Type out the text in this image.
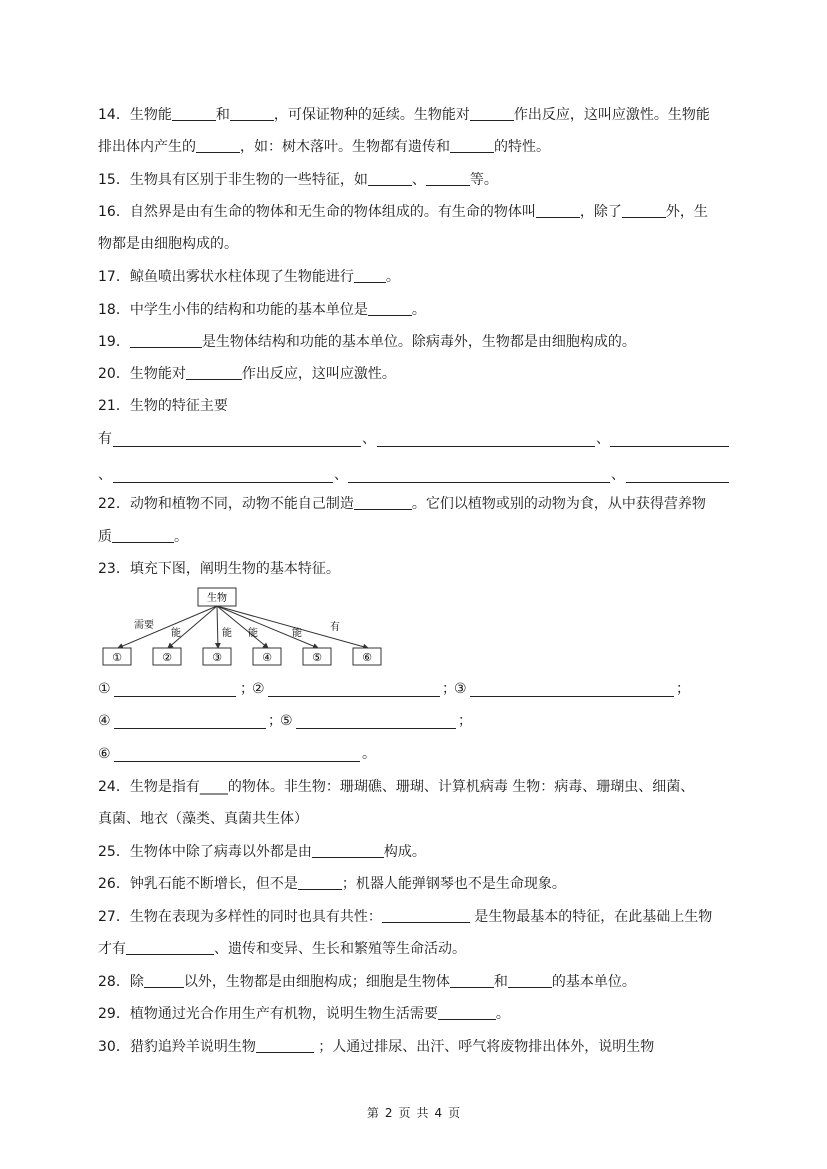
14．生物能	和	，可保证物种的延续。生物能对	作出反应，这叫应激性。生物能
排出体内产生的	，如：树木落叶。生物都有遗传和	的特性。
15．生物具有区别于非生物的一些特征，如	、	等。
16．自然界是由有生命的物体和无生命的物体组成的。有生命的物体叫	，除了	外，生
物都是由细胞构成的。
17．鲸鱼喷出雾状水柱体现了生物能进行 。
18．中学生小伟的结构和功能的基本单位是	。
19．	是生物体结构和功能的基本单位。除病毒外，生物都是由细胞构成的。
20．生物能对	作出反应，这叫应激性。
21．生物的特征主要
有	、	、
、	、	、
22．动物和植物不同，动物不能自己制造	。它们以植物或别的动物为食，从中获得营养物
质	。
23．填充下图，阐明生物的基本特征。
生物
需要
能	能 能	能
有
①	②	③	④	⑤	⑥
①	；
②	；
③	；
④	；
⑤	；
⑥	。
24．生物是指有____的物体。非生物：珊瑚礁、珊瑚、计算机病毒 生物：病毒、珊瑚虫、细菌、
真菌、地衣（藻类、真菌共生体）
25．生物体中除了病毒以外都是由	构成。
26．钟乳石能不断增长，但不是	；机器人能弹钢琴也不是生命现象。
27．生物在表现为多样性的同时也具有共性：	是生物最基本的特征，在此基础上生物
才有	、遗传和变异、生长和繁殖等生命活动。
28．除	以外，生物都是由细胞构成；细胞是生物体	和	的基本单位。
29．植物通过光合作用生产有机物，说明生物生活需要	。
30．猎豹追羚羊说明生物	；人通过排尿、出汗、呼气将废物排出体外，说明生物
第 2 页 共 4 页
